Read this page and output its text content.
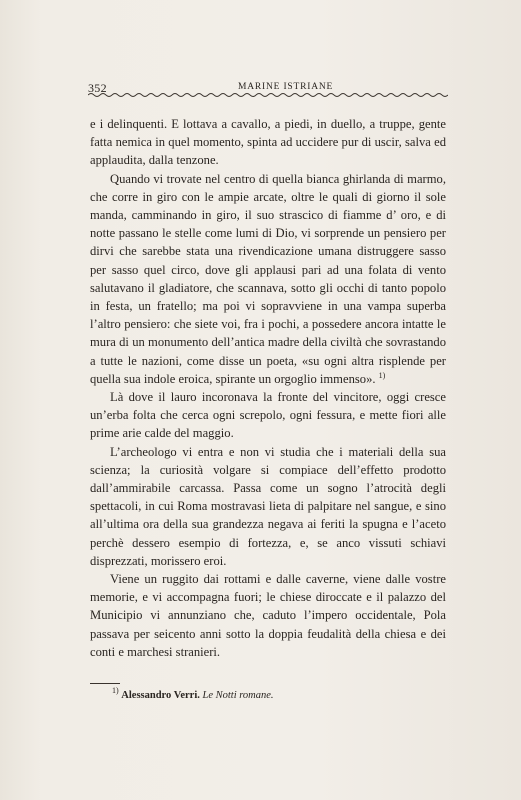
352	MARINE ISTRIANE

e i delinquenti. E lottava a cavallo, a piedi, in duello, a truppe, gente fatta nemica in quel momento, spinta ad uccidere pur di uscir, salva ed applaudita, dalla tenzone.

Quando vi trovate nel centro di quella bianca ghirlanda di marmo, che corre in giro con le ampie arcate, oltre le quali di giorno il sole manda, camminando in giro, il suo strascico di fiamme d’ oro, e di notte passano le stelle come lumi di Dio, vi sorprende un pensiero per dirvi che sarebbe stata una rivendicazione umana distruggere sasso per sasso quel circo, dove gli applausi pari ad una folata di vento salutavano il gladiatore, che scannava, sotto gli occhi di tanto popolo in festa, un fratello; ma poi vi sopravviene in una vampa superba l’altro pensiero: che siete voi, fra i pochi, a possedere ancora intatte le mura di un monumento dell’antica madre della civiltà che sovrastando a tutte le nazioni, come disse un poeta, «su ogni altra risplende per quella sua indole eroica, spirante un orgoglio immenso». $^{1)}$

Là dove il lauro incoronava la fronte del vincitore, oggi cresce un’erba folta che cerca ogni screpolo, ogni fessura, e mette fiori alle prime arie calde del maggio.

L’archeologo vi entra e non vi studia che i materiali della sua scienza; la curiosità volgare si compiace dell’effetto prodotto dall’ammirabile carcassa. Passa come un sogno l’atrocità degli spettacoli, in cui Roma mostravasi lieta di palpitare nel sangue, e sino all’ultima ora della sua grandezza negava ai feriti la spugna e l’aceto perchè dessero esempio di fortezza, e, se anco vissuti schiavi disprezzati, morissero eroi.

Viene un ruggito dai rottami e dalle caverne, viene dalle vostre memorie, e vi accompagna fuori; le chiese diroccate e il palazzo del Municipio vi annunziano che, caduto l’impero occidentale, Pola passava per seicento anni sotto la doppia feudalità della chiesa e dei conti e marchesi stranieri.

$^{1)}$ Alessandro Verri. Le Notti romane.
